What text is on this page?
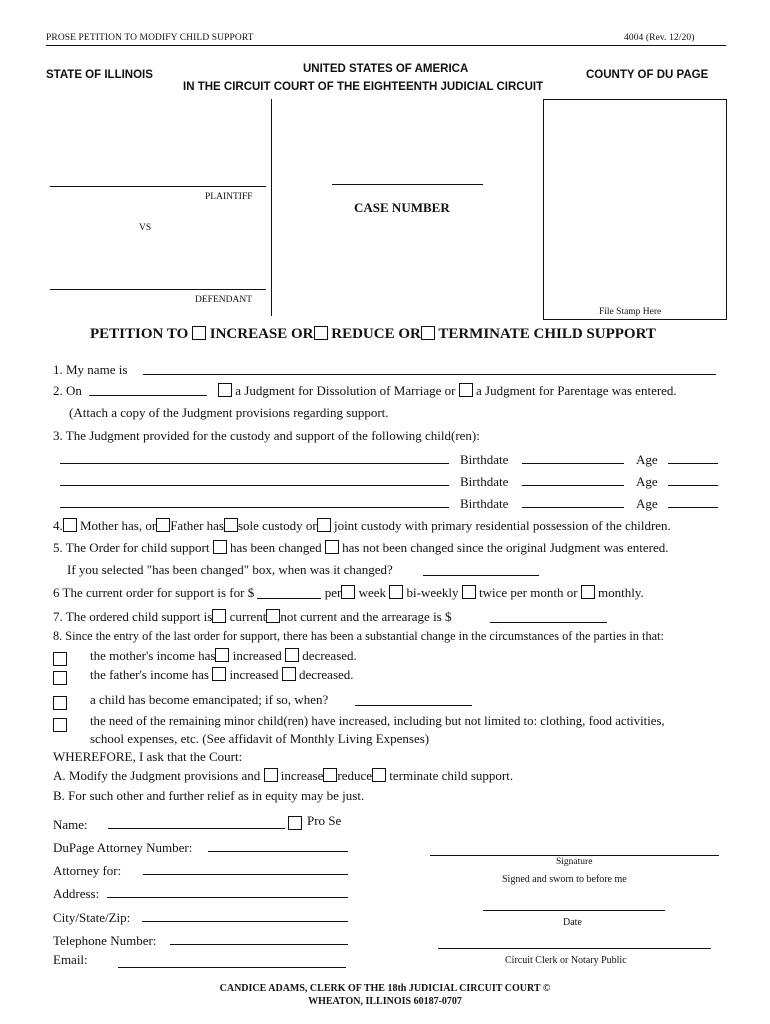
PROSE PETITION TO MODIFY CHILD SUPPORT	4004 (Rev. 12/20)
STATE OF ILLINOIS	UNITED STATES OF AMERICA
IN THE CIRCUIT COURT OF THE EIGHTEENTH JUDICIAL CIRCUIT
COUNTY OF DU PAGE
PLAINTIFF
VS
DEFENDANT
CASE NUMBER
File Stamp Here
PETITION TO INCREASE OR REDUCE OR TERMINATE CHILD SUPPORT
1. My name is
2. On	a Judgment for Dissolution of Marriage or a Judgment for Parentage was entered.
(Attach a copy of the Judgment provisions regarding support.
3. The Judgment provided for the custody and support of the following child(ren):
Birthdate	Age
Birthdate	Age
Birthdate	Age
4. Mother has, or Father has sole custody or joint custody with primary residential possession of the children.
5. The Order for child support has been changed has not been changed since the original Judgment was entered.
If you selected "has been changed" box, when was it changed?
6 The current order for support is for $	per week bi-weekly twice per month or monthly.
7. The ordered child support is current not current and the arrearage is $
8. Since the entry of the last order for support, there has been a substantial change in the circumstances of the parties in that:
the mother's income has increased decreased.
the father's income has increased decreased.
a child has become emancipated; if so, when?
the need of the remaining minor child(ren) have increased, including but not limited to: clothing, food activities,
school expenses, etc. (See affidavit of Monthly Living Expenses)
WHEREFORE, I ask that the Court:
A. Modify the Judgment provisions and increase reduce terminate child support.
B. For such other and further relief as in equity may be just.
Name:	Pro Se
DuPage Attorney Number:
Attorney for:
Address:
City/State/Zip:
Telephone Number:
Email:
Signature
Signed and sworn to before me
Date
Circuit Clerk or Notary Public
CANDICE ADAMS, CLERK OF THE 18th JUDICIAL CIRCUIT COURT ©
WHEATON, ILLINOIS 60187-0707
